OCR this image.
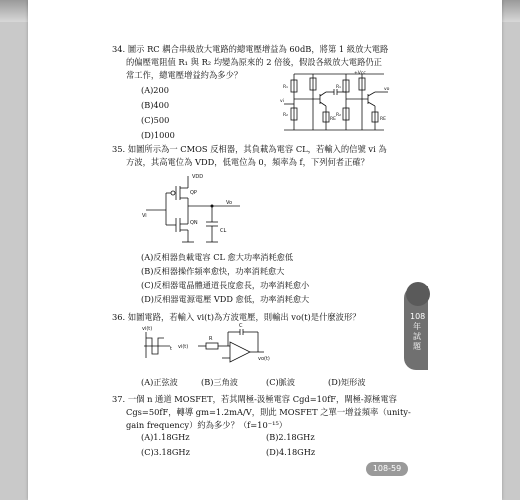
34. 圖示 RC 耦合串級放大電路的總電壓增益為 60dB，將第 1 級放大電路
的偏壓電阻值 R₁ 與 R₂ 均變為原來的 2 倍後，假設各級放大電路仍正
常工作，總電壓增益約為多少？
(A)200
(B)400
(C)500
(D)1000
+Vcc
R₁
R₂
vi
RE
R₁
R₂
RE
vo
35. 如圖所示為一 CMOS 反相器，其負載為電容 CL，若輸入的信號 vi 為
方波，其高電位為 VDD，低電位為 0，頻率為 f，下列何者正確？
VDD
QP
Vi
QN
Vo
CL
(A)反相器負載電容 CL 愈大功率消耗愈低
(B)反相器操作頻率愈快，功率消耗愈大
(C)反相器電晶體通道長度愈長，功率消耗愈小
(D)反相器電源電壓 VDD 愈低，功率消耗愈大
36. 如圖電路，若輸入 vi(t)為方波電壓，則輸出 vo(t)是什麼波形？
vi(t)
vi(t)
R
C
vo(t)
t
(A)正弦波	(B)三角波	(C)脈波	(D)矩形波
37. 一個 n 通道 MOSFET，若其閘極-汲極電容 Cgd=10fF，閘極-源極電容
Cgs=50fF，轉導 gm=1.2mA/V，則此 MOSFET 之單一增益頻率（unity-
gain frequency）約為多少？（f=10⁻¹⁵）
(A)1.18GHz	(B)2.18GHz
(C)3.18GHz	(D)4.18GHz
108年試題
108-59
